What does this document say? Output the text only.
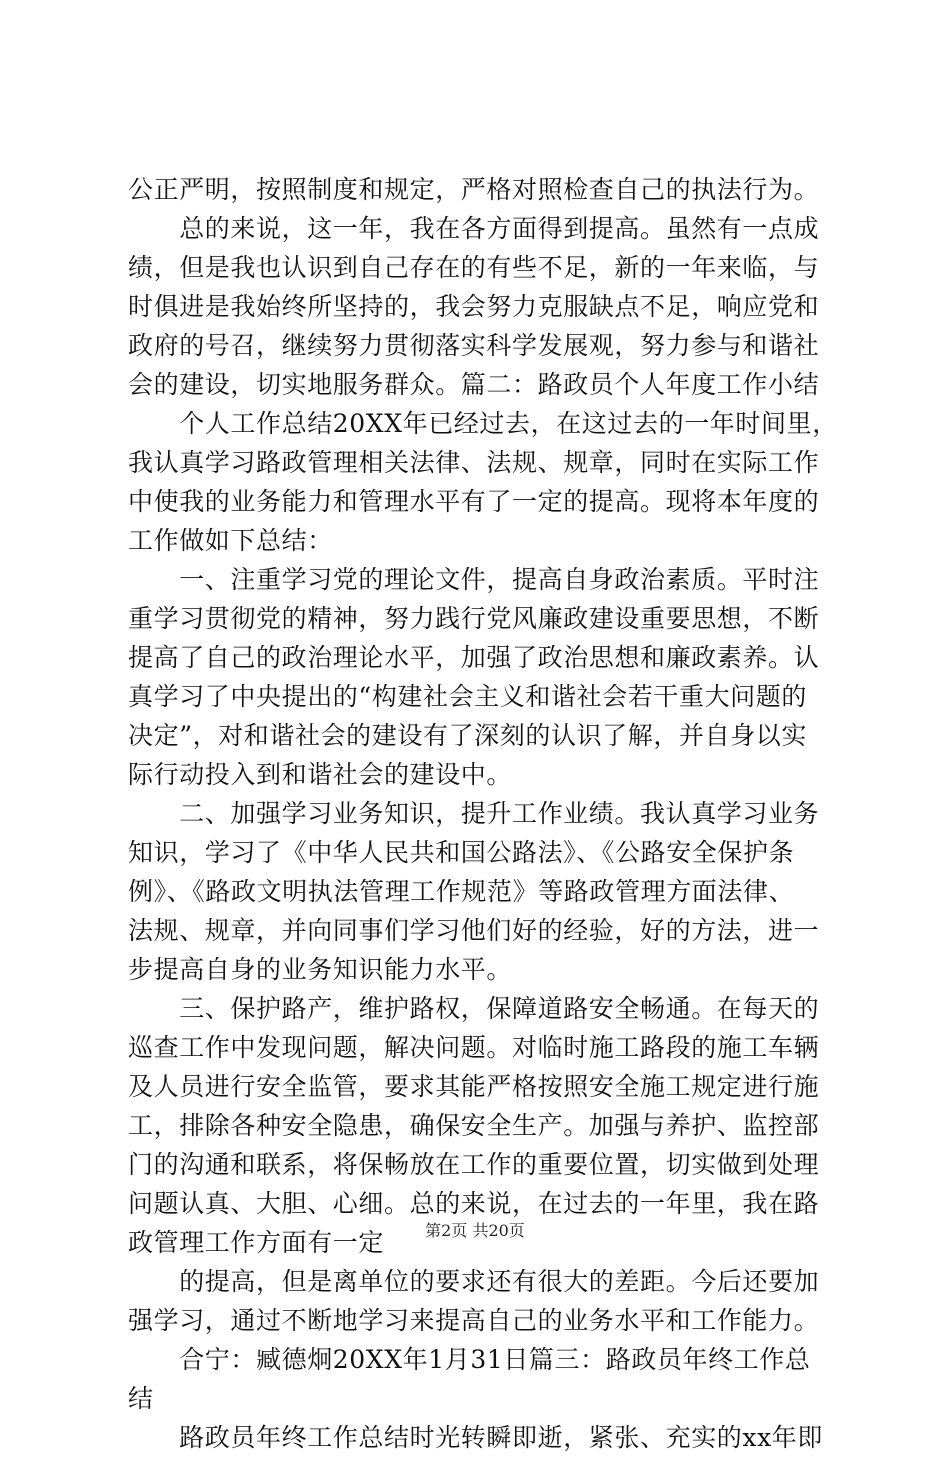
公正严明，按照制度和规定，严格对照检查自己的执法行为。
　　总的来说，这一年，我在各方面得到提高。虽然有一点成
绩，但是我也认识到自己存在的有些不足，新的一年来临，与
时俱进是我始终所坚持的，我会努力克服缺点不足，响应党和
政府的号召，继续努力贯彻落实科学发展观，努力参与和谐社
会的建设，切实地服务群众。篇二：路政员个人年度工作小结
　　个人工作总结20XX年已经过去，在这过去的一年时间里，
我认真学习路政管理相关法律、法规、规章，同时在实际工作
中使我的业务能力和管理水平有了一定的提高。现将本年度的
工作做如下总结：
　　一、注重学习党的理论文件，提高自身政治素质。平时注
重学习贯彻党的精神，努力践行党风廉政建设重要思想，不断
提高了自己的政治理论水平，加强了政治思想和廉政素养。认
真学习了中央提出的“构建社会主义和谐社会若干重大问题的
决定”，对和谐社会的建设有了深刻的认识了解，并自身以实
际行动投入到和谐社会的建设中。
　　二、加强学习业务知识，提升工作业绩。我认真学习业务
知识，学习了《中华人民共和国公路法》、《公路安全保护条
例》、《路政文明执法管理工作规范》等路政管理方面法律、
法规、规章，并向同事们学习他们好的经验，好的方法，进一
步提高自身的业务知识能力水平。
　　三、保护路产，维护路权，保障道路安全畅通。在每天的
巡查工作中发现问题，解决问题。对临时施工路段的施工车辆
及人员进行安全监管，要求其能严格按照安全施工规定进行施
工，排除各种安全隐患，确保安全生产。加强与养护、监控部
门的沟通和联系，将保畅放在工作的重要位置，切实做到处理
问题认真、大胆、心细。总的来说，在过去的一年里，我在路
政管理工作方面有一定
　　的提高，但是离单位的要求还有很大的差距。今后还要加
强学习，通过不断地学习来提高自己的业务水平和工作能力。
　　合宁：臧德炯20XX年1月31日篇三：路政员年终工作总
结
　　路政员年终工作总结时光转瞬即逝，紧张、充实的xx年即
第2页 共20页
